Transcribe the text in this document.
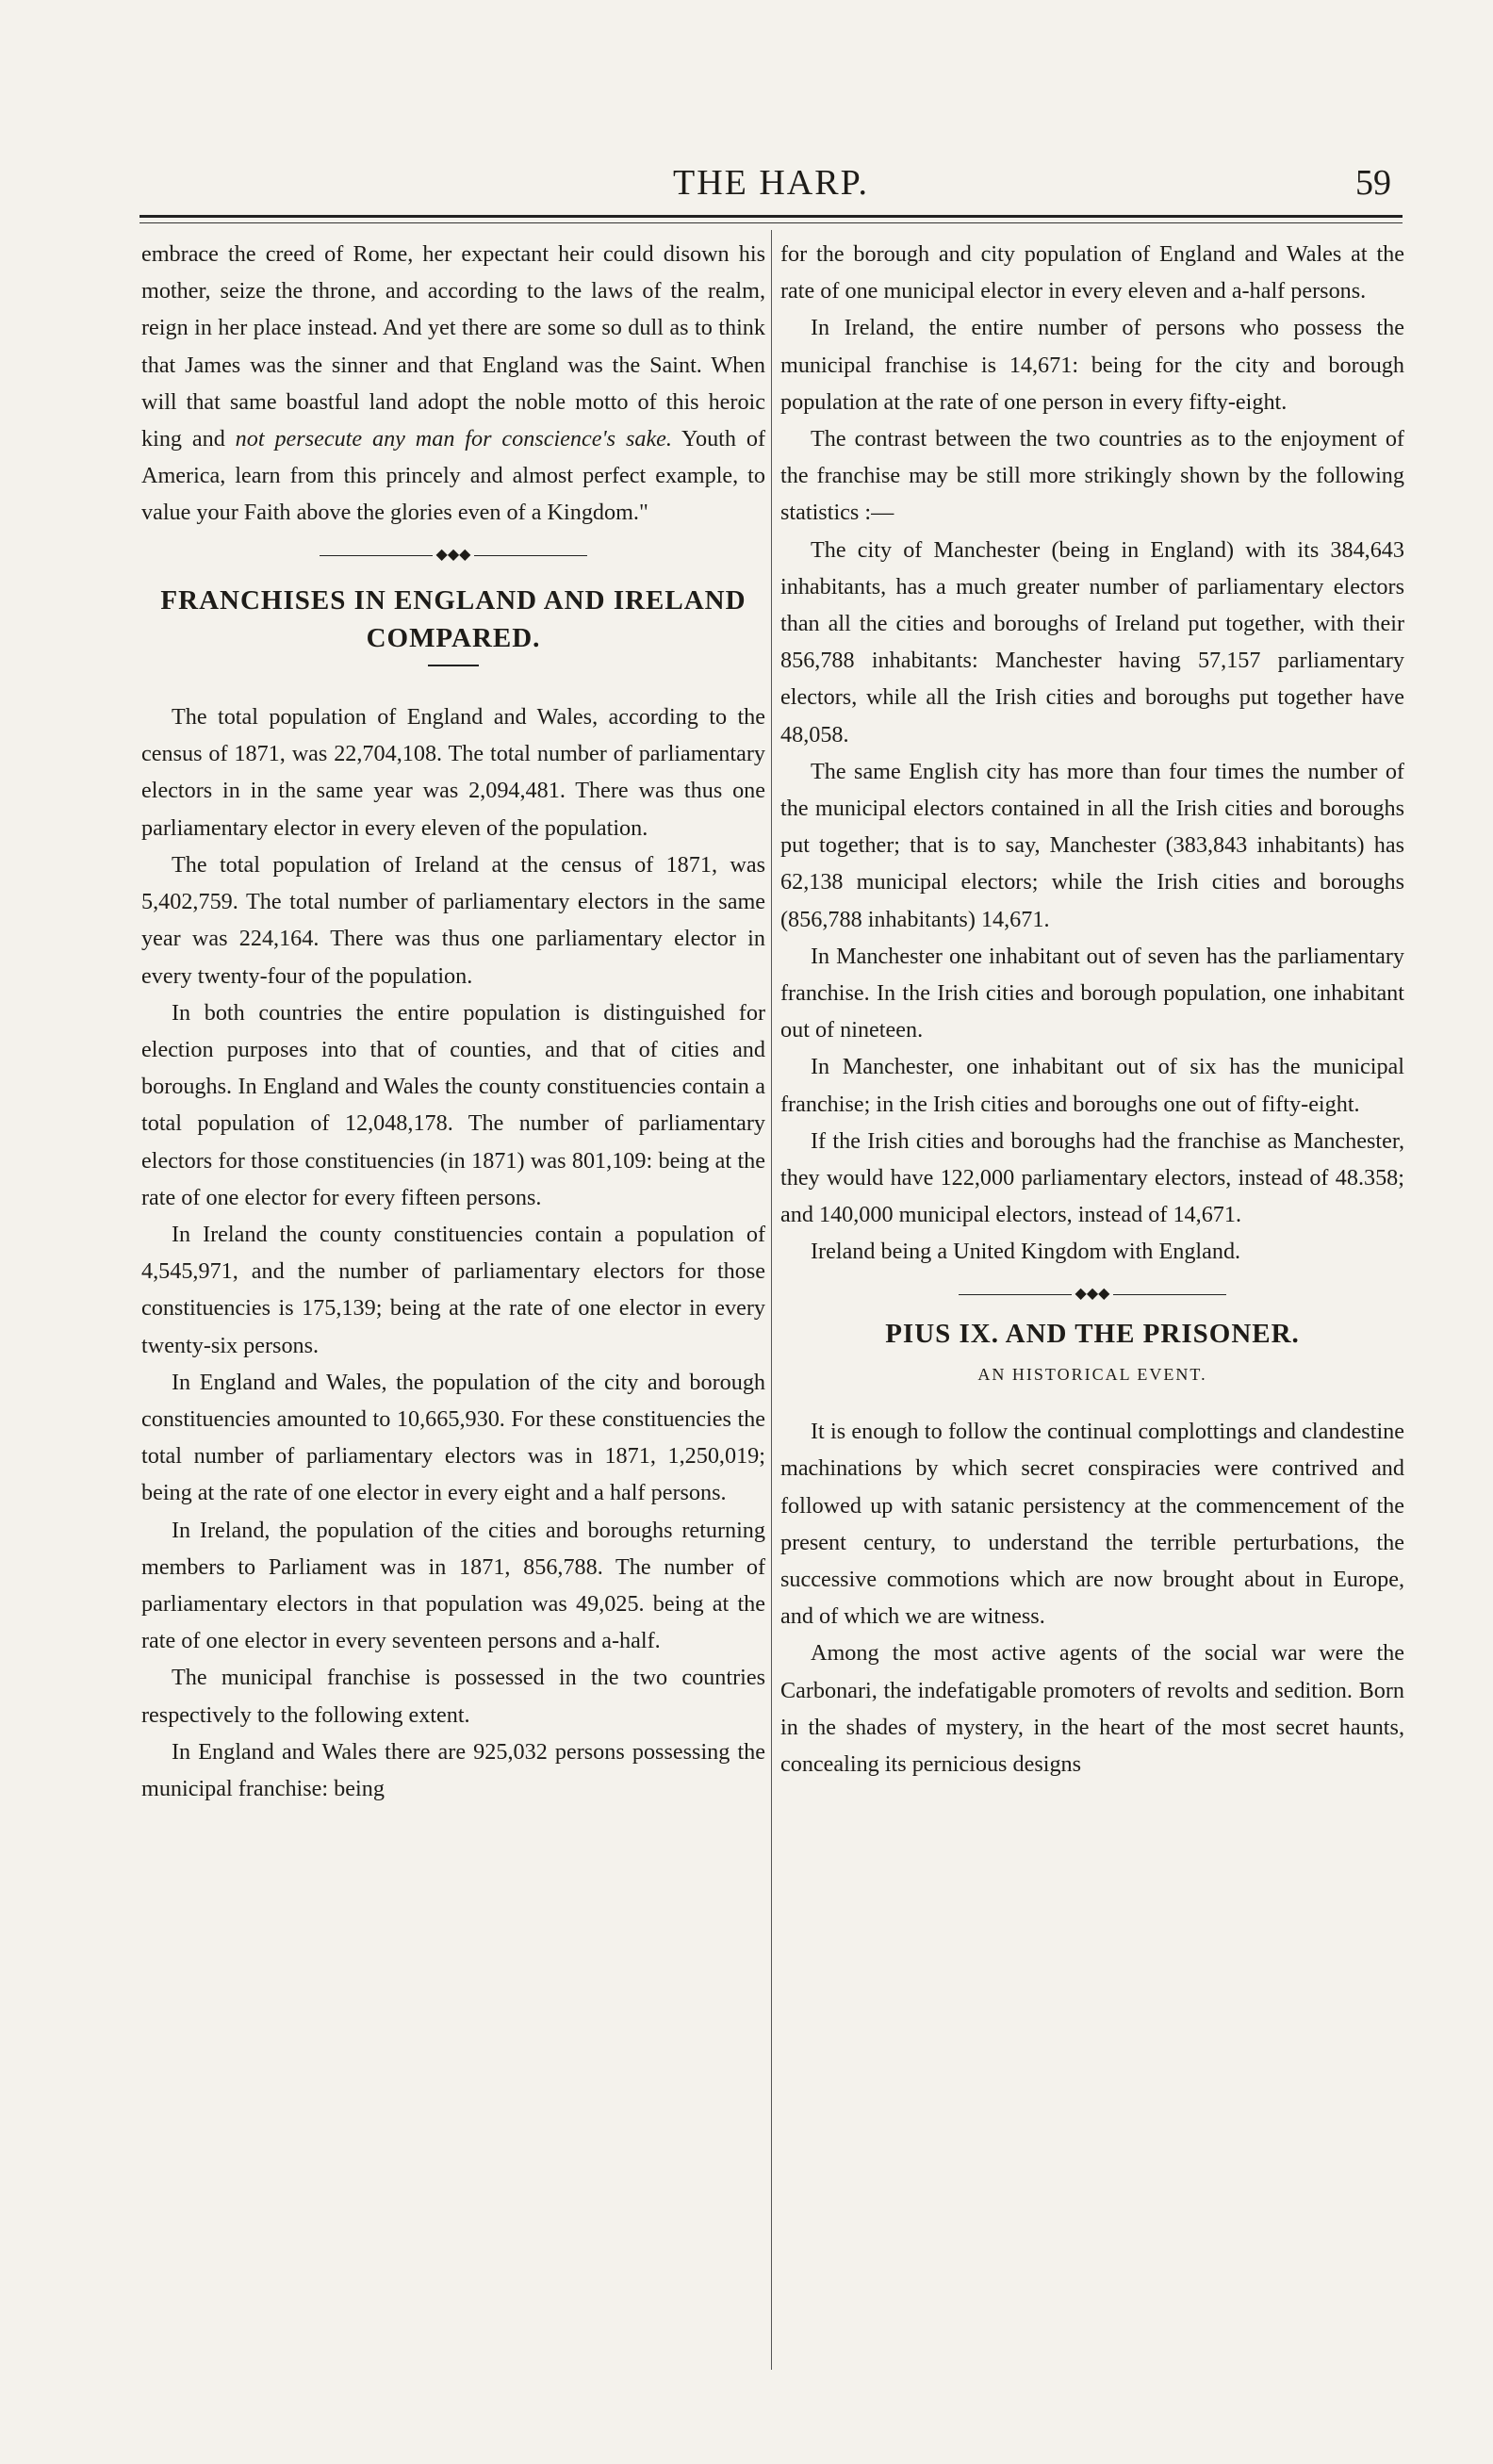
THE HARP.	59

embrace the creed of Rome, her expectant heir could disown his mother, seize the throne, and according to the laws of the realm, reign in her place instead. And yet there are some so dull as to think that James was the sinner and that England was the Saint. When will that same boastful land adopt the noble motto of this heroic king and not persecute any man for conscience's sake. Youth of America, learn from this princely and almost perfect example, to value your Faith above the glories even of a Kingdom."

◆◆◆
FRANCHISES IN ENGLAND AND IRELAND COMPARED.

The total population of England and Wales, according to the census of 1871, was 22,704,108. The total number of parliamentary electors in in the same year was 2,094,481. There was thus one parliamentary elector in every eleven of the population.

The total population of Ireland at the census of 1871, was 5,402,759. The total number of parliamentary electors in the same year was 224,164. There was thus one parliamentary elector in every twenty-four of the population.

In both countries the entire population is distinguished for election purposes into that of counties, and that of cities and boroughs. In England and Wales the county constituencies contain a total population of 12,048,178. The number of parliamentary electors for those constituencies (in 1871) was 801,109: being at the rate of one elector for every fifteen persons.

In Ireland the county constituencies contain a population of 4,545,971, and the number of parliamentary electors for those constituencies is 175,139; being at the rate of one elector in every twenty-six persons.

In England and Wales, the population of the city and borough constituencies amounted to 10,665,930. For these constituencies the total number of parliamentary electors was in 1871, 1,250,019; being at the rate of one elector in every eight and a half persons.

In Ireland, the population of the cities and boroughs returning members to Parliament was in 1871, 856,788. The number of parliamentary electors in that population was 49,025. being at the rate of one elector in every seventeen persons and a-half.

The municipal franchise is possessed in the two countries respectively to the following extent.

In England and Wales there are 925,032 persons possessing the municipal franchise: being

for the borough and city population of England and Wales at the rate of one municipal elector in every eleven and a-half persons.

In Ireland, the entire number of persons who possess the municipal franchise is 14,671: being for the city and borough population at the rate of one person in every fifty-eight.

The contrast between the two countries as to the enjoyment of the franchise may be still more strikingly shown by the following statistics :—

The city of Manchester (being in England) with its 384,643 inhabitants, has a much greater number of parliamentary electors than all the cities and boroughs of Ireland put together, with their 856,788 inhabitants: Manchester having 57,157 parliamentary electors, while all the Irish cities and boroughs put together have 48,058.

The same English city has more than four times the number of the municipal electors contained in all the Irish cities and boroughs put together; that is to say, Manchester (383,843 inhabitants) has 62,138 municipal electors; while the Irish cities and boroughs (856,788 inhabitants) 14,671.

In Manchester one inhabitant out of seven has the parliamentary franchise. In the Irish cities and borough population, one inhabitant out of nineteen.

In Manchester, one inhabitant out of six has the municipal franchise; in the Irish cities and boroughs one out of fifty-eight.

If the Irish cities and boroughs had the franchise as Manchester, they would have 122,000 parliamentary electors, instead of 48.358; and 140,000 municipal electors, instead of 14,671.

Ireland being a United Kingdom with England.

◆◆◆
PIUS IX. AND THE PRISONER.
AN HISTORICAL EVENT.

It is enough to follow the continual complottings and clandestine machinations by which secret conspiracies were contrived and followed up with satanic persistency at the commencement of the present century, to understand the terrible perturbations, the successive commotions which are now brought about in Europe, and of which we are witness.

Among the most active agents of the social war were the Carbonari, the indefatigable promoters of revolts and sedition. Born in the shades of mystery, in the heart of the most secret haunts, concealing its pernicious designs
